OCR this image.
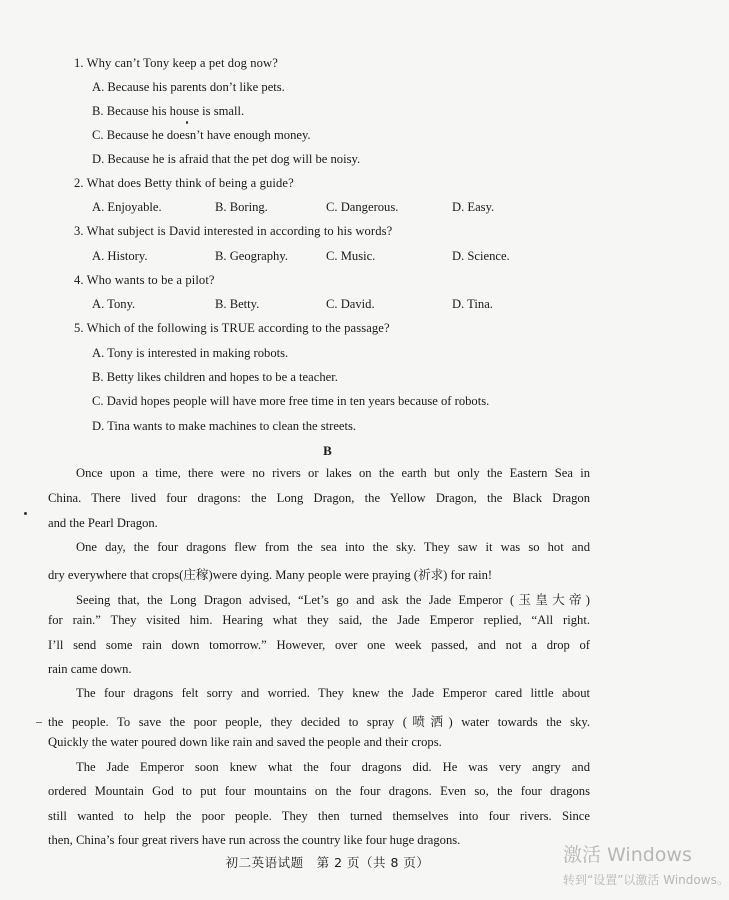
1. Why can’t Tony keep a pet dog now?
A. Because his parents don’t like pets.
B. Because his house is small.
C. Because he doesn’t have enough money.
D. Because he is afraid that the pet dog will be noisy.
2. What does Betty think of being a guide?
A. Enjoyable.	B. Boring.	C. Dangerous.	D. Easy.
3. What subject is David interested in according to his words?
A. History.	B. Geography.	C. Music.	D. Science.
4. Who wants to be a pilot?
A. Tony.	B. Betty.	C. David.	D. Tina.
5. Which of the following is TRUE according to the passage?
A. Tony is interested in making robots.
B. Betty likes children and hopes to be a teacher.
C. David hopes people will have more free time in ten years because of robots.
D. Tina wants to make machines to clean the streets.
B
Once upon a time, there were no rivers or lakes on the earth but only the Eastern Sea in
China. There lived four dragons: the Long Dragon, the Yellow Dragon, the Black Dragon
and the Pearl Dragon.
One day, the four dragons flew from the sea into the sky. They saw it was so hot and
dry everywhere that crops(庄稼)were dying. Many people were praying (祈求) for rain!
Seeing that, the Long Dragon advised, “Let’s go and ask the Jade Emperor (玉皇大帝)
for rain.” They visited him. Hearing what they said, the Jade Emperor replied, “All right.
I’ll send some rain down tomorrow.” However, over one week passed, and not a drop of
rain came down.
The four dragons felt sorry and worried. They knew the Jade Emperor cared little about
the people. To save the poor people, they decided to spray (喷洒) water towards the sky.
Quickly the water poured down like rain and saved the people and their crops.
The Jade Emperor soon knew what the four dragons did. He was very angry and
ordered Mountain God to put four mountains on the four dragons. Even so, the four dragons
still wanted to help the poor people. They then turned themselves into four rivers. Since
then, China’s four great rivers have run across the country like four huge dragons.
初二英语试题　第 2 页（共 8 页）	激活 Windows
转到“设置”以激活 Windows。
